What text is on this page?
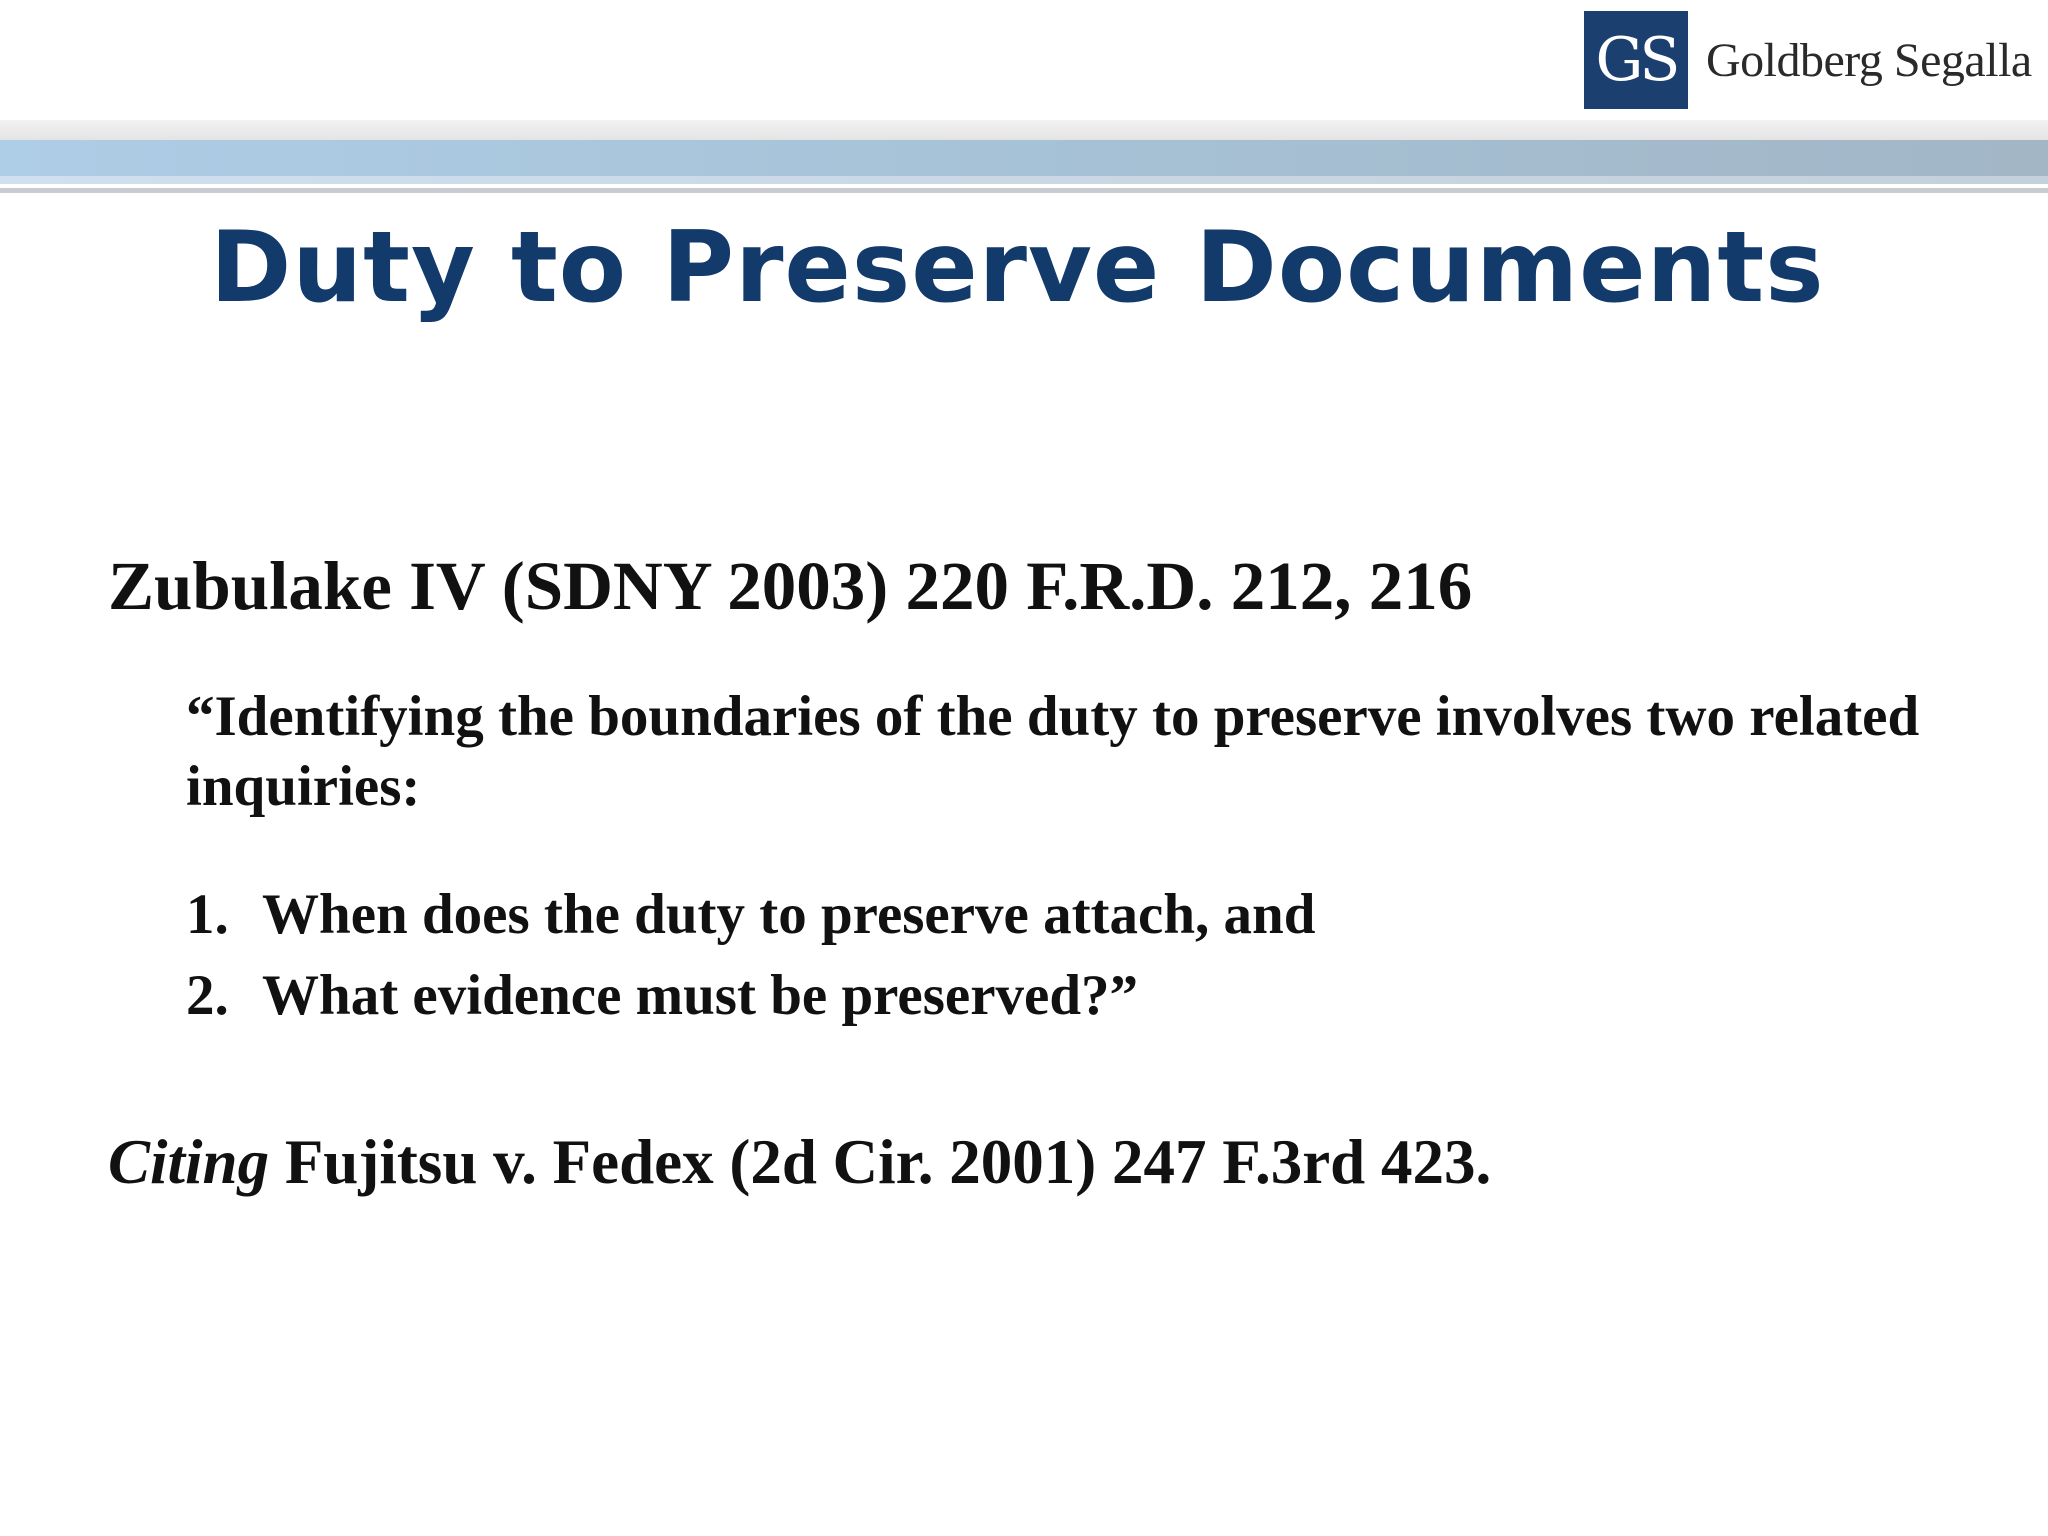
GS Goldberg Segalla
Duty to Preserve Documents
Zubulake IV (SDNY 2003) 220 F.R.D. 212, 216
“Identifying the boundaries of the duty to preserve involves two related inquiries:
1. When does the duty to preserve attach, and
2. What evidence must be preserved?”
Citing Fujitsu v. Fedex (2d Cir. 2001) 247 F.3rd 423.
